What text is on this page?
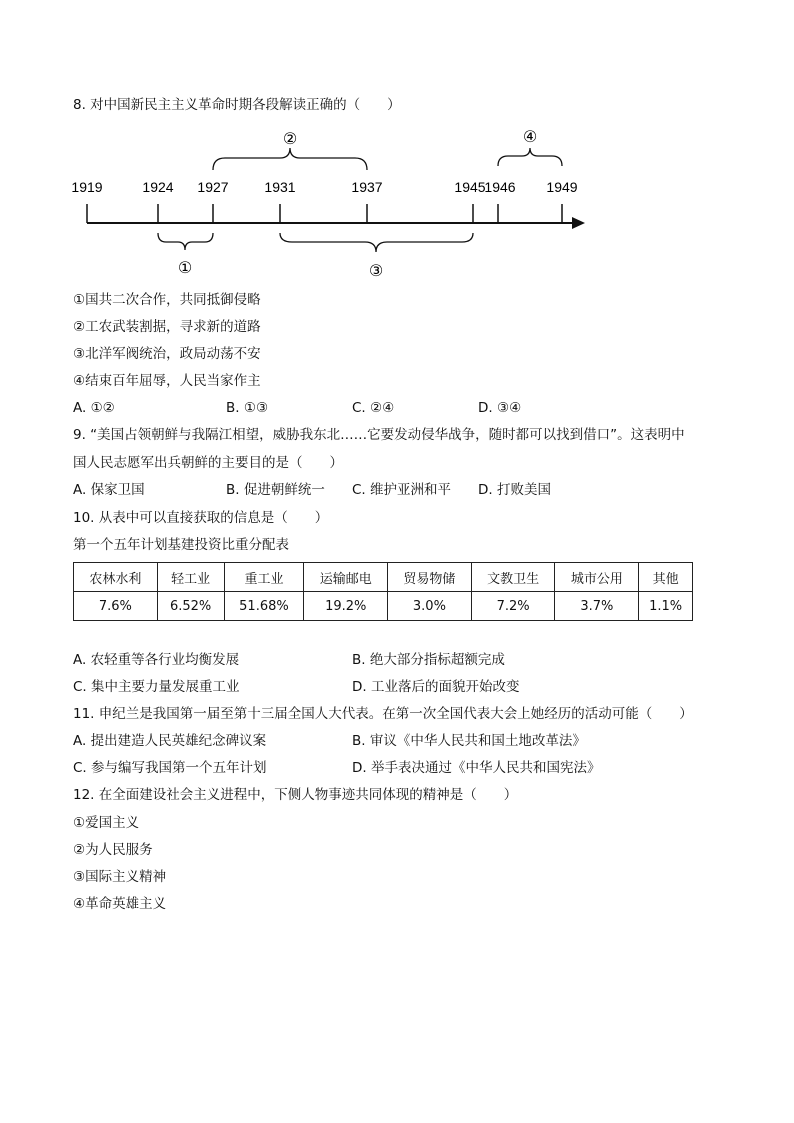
8. 对中国新民主主义革命时期各段解读正确的（　　）
②	④
1919	1924 1927	1931	1937	1945
1946 1949
①	③
①国共二次合作，共同抵御侵略
②工农武装割据，寻求新的道路
③北洋军阀统治，政局动荡不安
④结束百年屈辱，人民当家作主
A. ①②	B. ①③	C. ②④	D. ③④
9. “美国占领朝鲜与我隔江相望，威胁我东北……它要发动侵华战争，随时都可以找到借口”。这表明中
国人民志愿军出兵朝鲜的主要目的是（　　）
A. 保家卫国	B. 促进朝鲜统一 C. 维护亚洲和平 D. 打败美国
10. 从表中可以直接获取的信息是（　　）
第一个五年计划基建投资比重分配表
农林水利	轻工业	重工业	运输邮电	贸易物储	文教卫生	城市公用	其他
7.6%	6.52%	51.68%	19.2%	3.0%	7.2%	3.7%	1.1%
A. 农轻重等各行业均衡发展	B. 绝大部分指标超额完成
C. 集中主要力量发展重工业	D. 工业落后的面貌开始改变
11. 申纪兰是我国第一届至第十三届全国人大代表。在第一次全国代表大会上她经历的活动可能（　　）
A. 提出建造人民英雄纪念碑议案	B. 审议《中华人民共和国土地改革法》
C. 参与编写我国第一个五年计划	D. 举手表决通过《中华人民共和国宪法》
12. 在全面建设社会主义进程中，下侧人物事迹共同体现的精神是（　　）
①爱国主义
②为人民服务
③国际主义精神
④革命英雄主义
